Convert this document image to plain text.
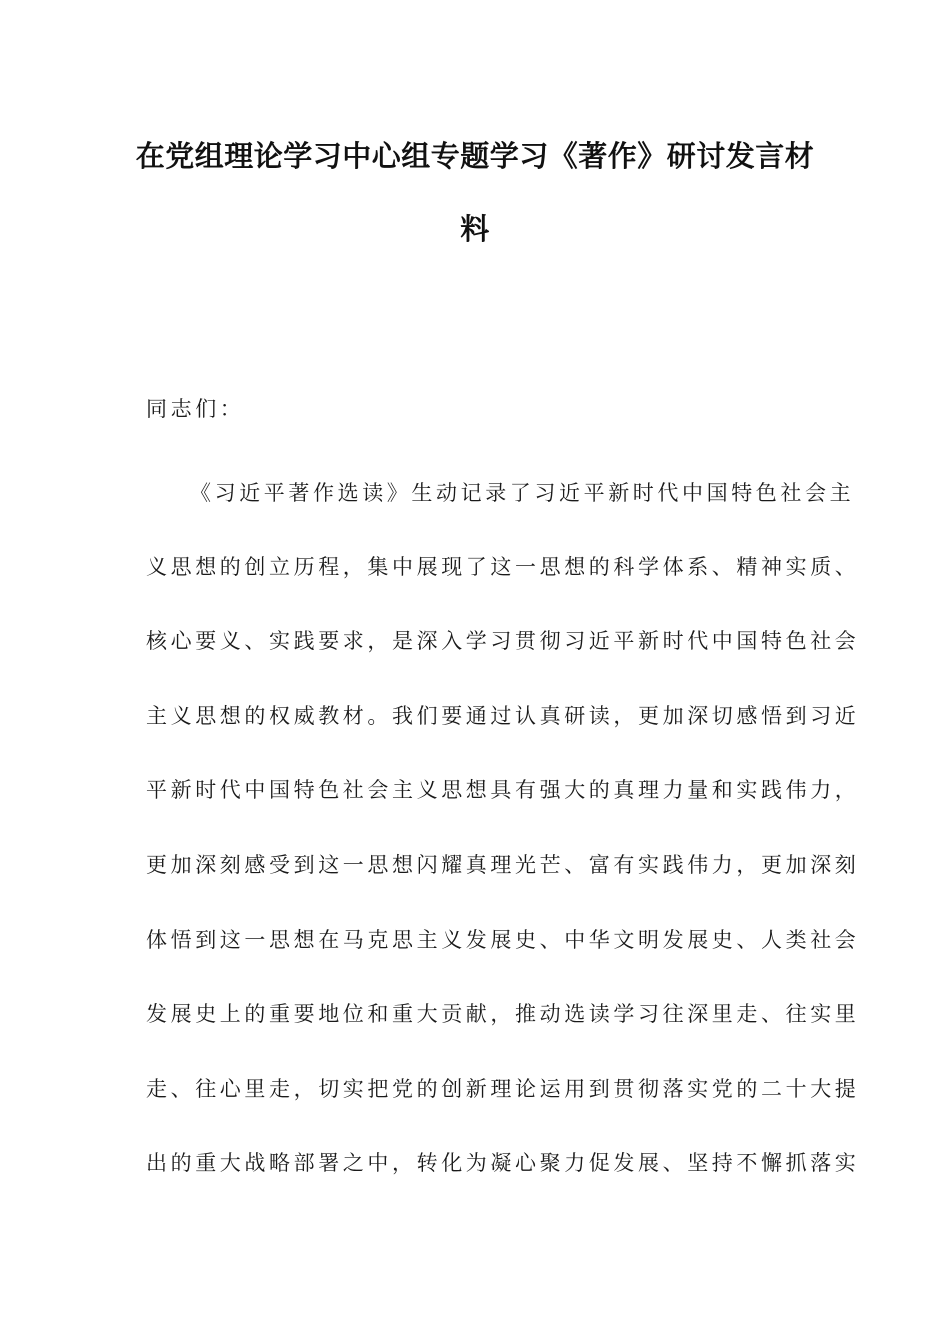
在党组理论学习中心组专题学习《著作》研讨发言材
料
同志们：
《习近平著作选读》生动记录了习近平新时代中国特色社会主
义思想的创立历程，集中展现了这一思想的科学体系、精神实质、
核心要义、实践要求，是深入学习贯彻习近平新时代中国特色社会
主义思想的权威教材。我们要通过认真研读，更加深切感悟到习近
平新时代中国特色社会主义思想具有强大的真理力量和实践伟力，
更加深刻感受到这一思想闪耀真理光芒、富有实践伟力，更加深刻
体悟到这一思想在马克思主义发展史、中华文明发展史、人类社会
发展史上的重要地位和重大贡献，推动选读学习往深里走、往实里
走、往心里走，切实把党的创新理论运用到贯彻落实党的二十大提
出的重大战略部署之中，转化为凝心聚力促发展、坚持不懈抓落实
